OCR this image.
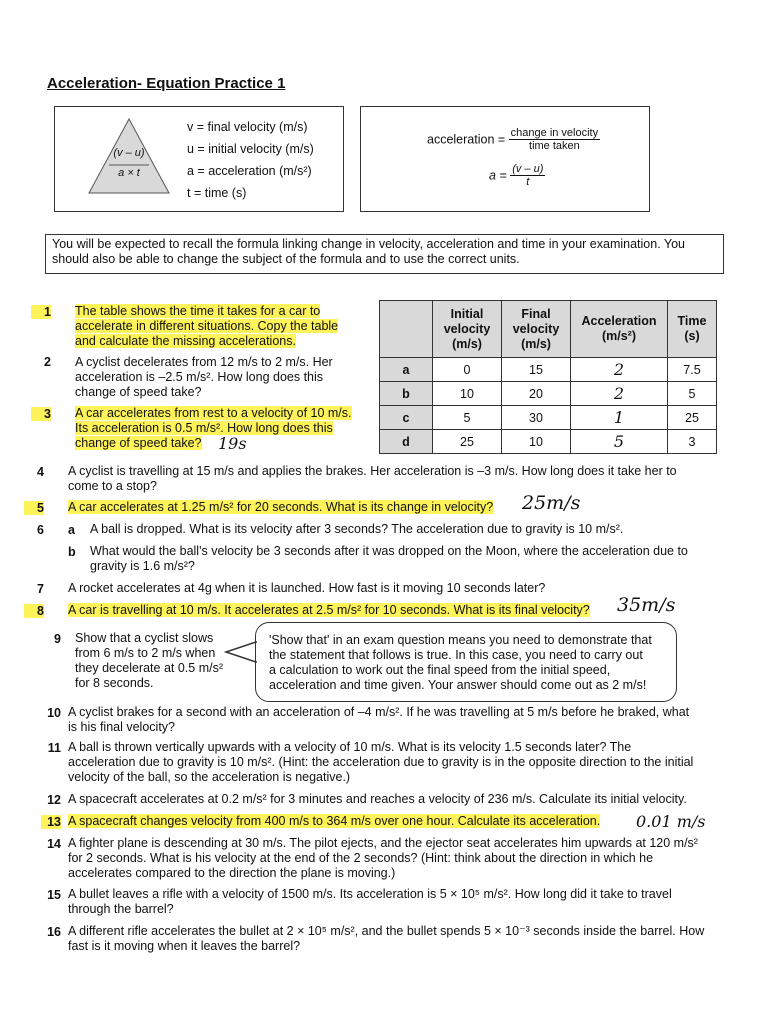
Acceleration- Equation Practice 1
(v – u)
a × t
v = final velocity (m/s)
u = initial velocity (m/s)
a = acceleration (m/s²)
t = time (s)
acceleration = $\frac{\text{change in velocity}}{\text{time taken}}$
$a = \frac{(v - u)}{t}$
You will be expected to recall the formula linking change in velocity, acceleration and time in your examination. You should also be able to change the subject of the formula and to use the correct units.
1 The table shows the time it takes for a car to
accelerate in different situations. Copy the table
and calculate the missing accelerations.
2 A cyclist decelerates from 12 m/s to 2 m/s. Her
acceleration is –2.5 m/s². How long does this
change of speed take?
3 A car accelerates from rest to a velocity of 10 m/s.
Its acceleration is 0.5 m/s². How long does this
change of speed take?	19s
	Initial velocity (m/s)	Final velocity (m/s)	Acceleration (m/s²)	Time (s)
a	0	15	2	7.5
b	10	20	2	5
c	5	30	1	25
d	25	10	5	3
4 A cyclist is travelling at 15 m/s and applies the brakes. Her acceleration is –3 m/s. How long does it take her to
come to a stop?
5 A car accelerates at 1.25 m/s² for 20 seconds. What is its change in velocity? 25m/s
6 a A ball is dropped. What is its velocity after 3 seconds? The acceleration due to gravity is 10 m/s².
b What would the ball's velocity be 3 seconds after it was dropped on the Moon, where the acceleration due to
gravity is 1.6 m/s²?
7 A rocket accelerates at 4g when it is launched. How fast is it moving 10 seconds later?
8 A car is travelling at 10 m/s. It accelerates at 2.5 m/s² for 10 seconds. What is its final velocity? 35m/s
9 Show that a cyclist slows
from 6 m/s to 2 m/s when
they decelerate at 0.5 m/s²
for 8 seconds.
'Show that' in an exam question means you need to demonstrate that
the statement that follows is true. In this case, you need to carry out
a calculation to work out the final speed from the initial speed,
acceleration and time given. Your answer should come out as 2 m/s!
10 A cyclist brakes for a second with an acceleration of –4 m/s². If he was travelling at 5 m/s before he braked, what
is his final velocity?
11 A ball is thrown vertically upwards with a velocity of 10 m/s. What is its velocity 1.5 seconds later? The
acceleration due to gravity is 10 m/s². (Hint: the acceleration due to gravity is in the opposite direction to the initial
velocity of the ball, so the acceleration is negative.)
12 A spacecraft accelerates at 0.2 m/s² for 3 minutes and reaches a velocity of 236 m/s. Calculate its initial velocity.
13 A spacecraft changes velocity from 400 m/s to 364 m/s over one hour. Calculate its acceleration. 0.01 m/s
14 A fighter plane is descending at 30 m/s. The pilot ejects, and the ejector seat accelerates him upwards at 120 m/s²
for 2 seconds. What is his velocity at the end of the 2 seconds? (Hint: think about the direction in which he
accelerates compared to the direction the plane is moving.)
15 A bullet leaves a rifle with a velocity of 1500 m/s. Its acceleration is 5 × 10⁵ m/s². How long did it take to travel
through the barrel?
16 A different rifle accelerates the bullet at 2 × 10⁵ m/s², and the bullet spends 5 × 10⁻³ seconds inside the barrel. How
fast is it moving when it leaves the barrel?
